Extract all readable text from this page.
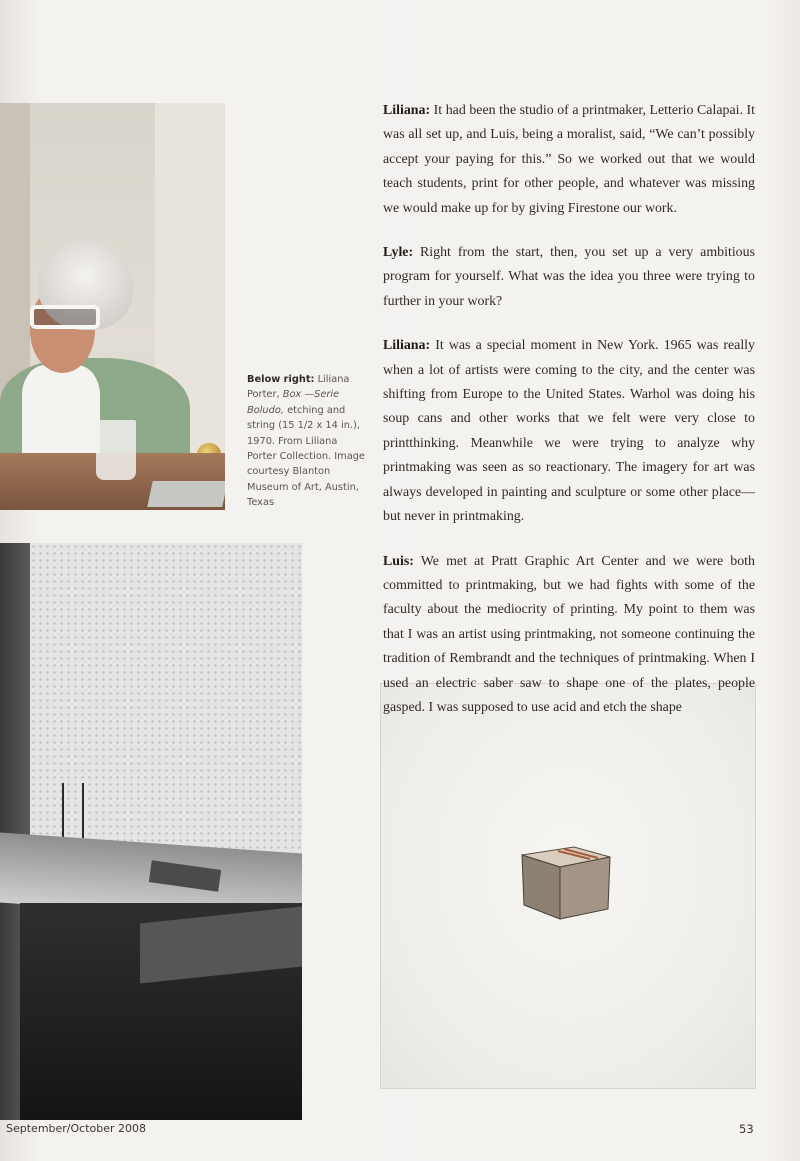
Below right: Liliana Porter, Box —Serie Boludo, etching and string (15 1/2 x 14 in.), 1970. From Liliana Porter Collection. Image courtesy Blanton Museum of Art, Austin, Texas

Liliana: It had been the studio of a printmaker, Letterio Calapai. It was all set up, and Luis, being a moralist, said, “We can’t possibly accept your paying for this.” So we worked out that we would teach students, print for other people, and whatever was missing we would make up for by giving Firestone our work.

Lyle: Right from the start, then, you set up a very ambitious program for yourself. What was the idea you three were trying to further in your work?

Liliana: It was a special moment in New York. 1965 was really when a lot of artists were coming to the city, and the center was shifting from Europe to the United States. Warhol was doing his soup cans and other works that we felt were very close to printthinking. Meanwhile we were trying to analyze why printmaking was seen as so reactionary. The imagery for art was always developed in painting and sculpture or some other place—but never in printmaking.

Luis: We met at Pratt Graphic Art Center and we were both committed to printmaking, but we had fights with some of the faculty about the mediocrity of printing. My point to them was that I was an artist using printmaking, not someone continuing the tradition of Rembrandt and the techniques of printmaking. When I used an electric saber saw to shape one of the plates, people gasped. I was supposed to use acid and etch the shape

September/October 2008	53
